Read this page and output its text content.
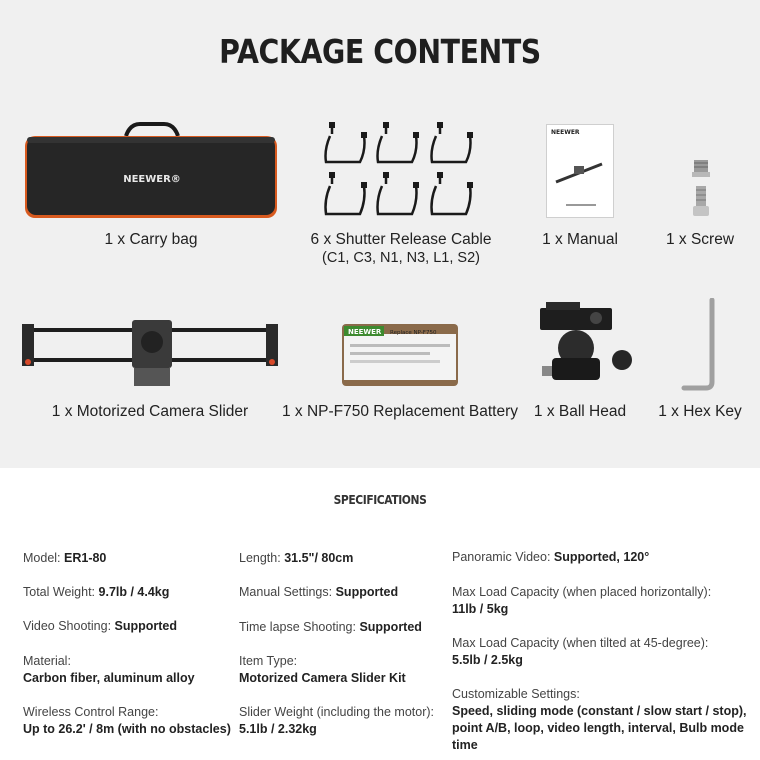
PACKAGE CONTENTS
NEEWER®
1 x Carry bag	6 x Shutter Release Cable
(C1, C3, N1, N3, L1, S2)
NEEWER
1 x Manual	1 x Screw
1 x Motorized Camera Slider
NEEWER Replace NP-F750
1 x NP-F750 Replacement Battery	1 x Ball Head	1 x Hex Key
SPECIFICATIONS
Model: ER1-80
Total Weight: 9.7lb / 4.4kg
Video Shooting: Supported
Material:
Carbon fiber, aluminum alloy
Wireless Control Range:
Up to 26.2' / 8m (with no obstacles)
Length: 31.5"/ 80cm
Manual Settings: Supported
Time lapse Shooting: Supported
Item Type:
Motorized Camera Slider Kit
Slider Weight (including the motor):
5.1lb / 2.32kg
Panoramic Video: Supported, 120°
Max Load Capacity (when placed horizontally):
11lb / 5kg
Max Load Capacity (when tilted at 45-degree):
5.5lb / 2.5kg
Customizable Settings:
Speed, sliding mode (constant / slow start / stop),
point A/B, loop, video length, interval, Bulb mode time
